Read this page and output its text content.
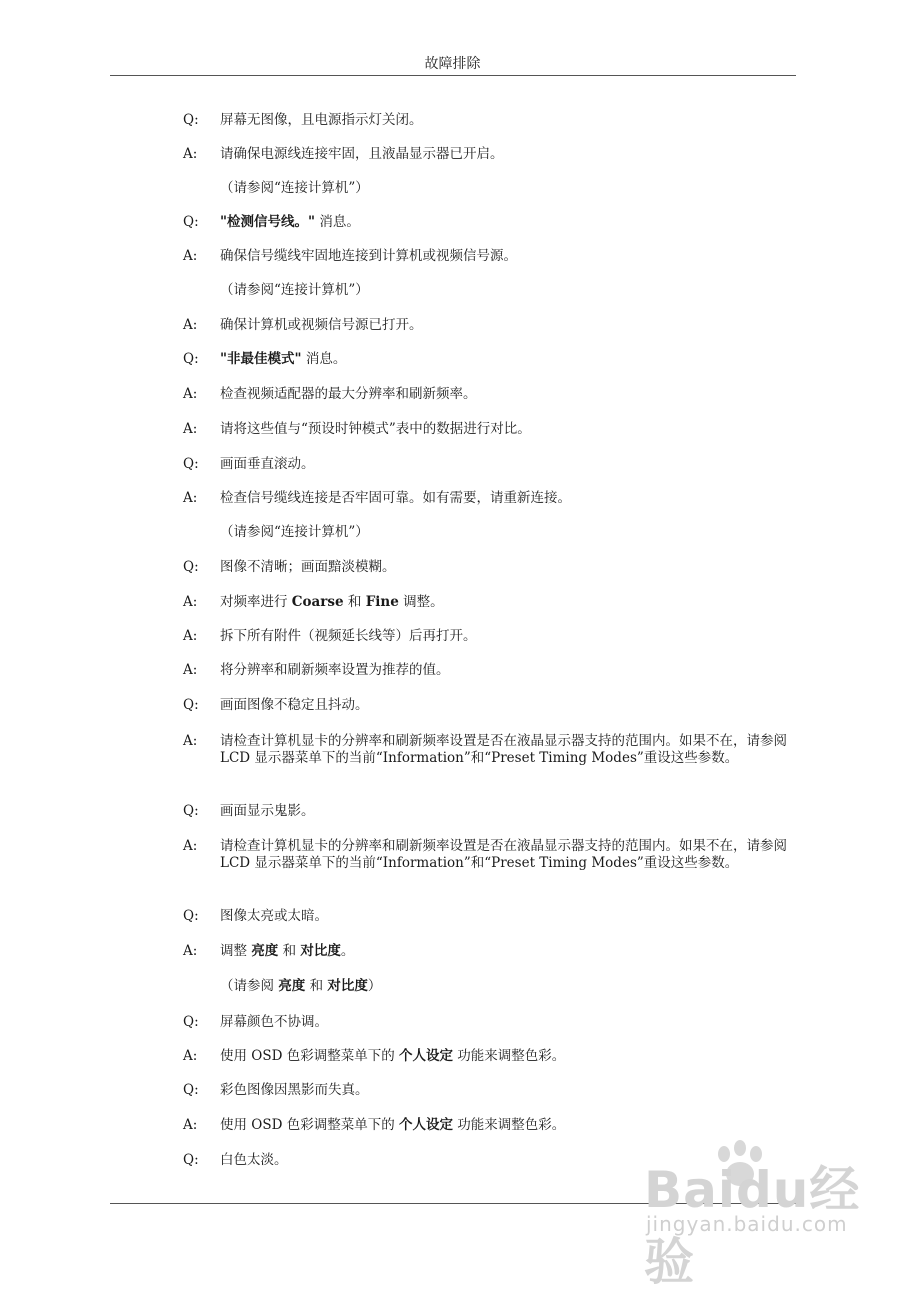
故障排除
Q: 屏幕无图像，且电源指示灯关闭。
A: 请确保电源线连接牢固，且液晶显示器已开启。
（请参阅“连接计算机”）
Q: "检测信号线。" 消息。
A: 确保信号缆线牢固地连接到计算机或视频信号源。
（请参阅“连接计算机”）
A: 确保计算机或视频信号源已打开。
Q: "非最佳模式" 消息。
A: 检查视频适配器的最大分辨率和刷新频率。
A: 请将这些值与“预设时钟模式”表中的数据进行对比。
Q: 画面垂直滚动。
A: 检查信号缆线连接是否牢固可靠。如有需要，请重新连接。
（请参阅“连接计算机”）
Q: 图像不清晰；画面黯淡模糊。
A: 对频率进行 Coarse 和 Fine 调整。
A: 拆下所有附件（视频延长线等）后再打开。
A: 将分辨率和刷新频率设置为推荐的值。
Q: 画面图像不稳定且抖动。
A: 请检查计算机显卡的分辨率和刷新频率设置是否在液晶显示器支持的范围内。如果不在，请参阅 LCD 显示器菜单下的当前“Information”和“Preset Timing Modes”重设这些参数。
Q: 画面显示鬼影。
A: 请检查计算机显卡的分辨率和刷新频率设置是否在液晶显示器支持的范围内。如果不在，请参阅 LCD 显示器菜单下的当前“Information”和“Preset Timing Modes”重设这些参数。
Q: 图像太亮或太暗。
A: 调整 亮度 和 对比度。
（请参阅 亮度 和 对比度）
Q: 屏幕颜色不协调。
A: 使用 OSD 色彩调整菜单下的 个人设定 功能来调整色彩。
Q: 彩色图像因黑影而失真。
A: 使用 OSD 色彩调整菜单下的 个人设定 功能来调整色彩。
Q: 白色太淡。
Baidu经验
jingyan.baidu.com
